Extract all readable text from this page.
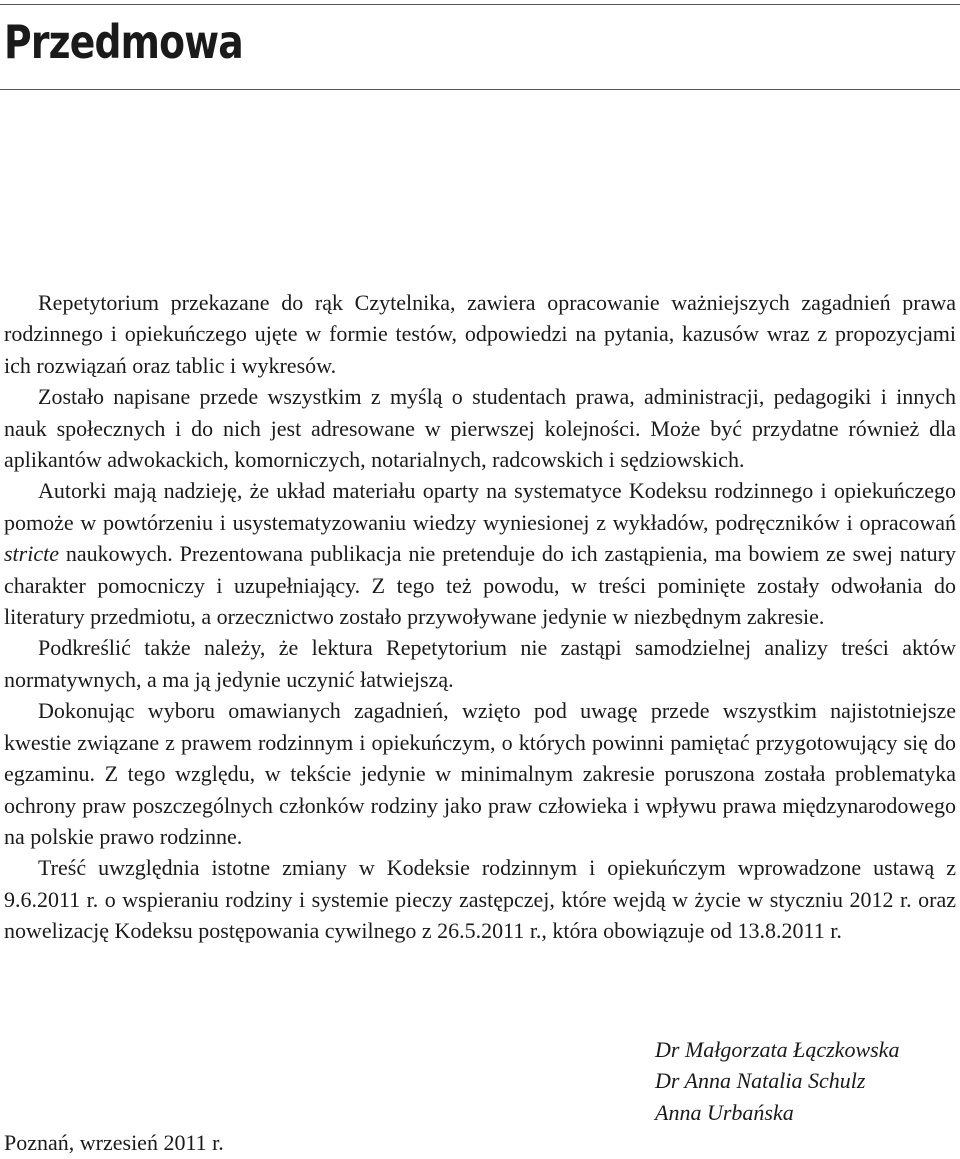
Przedmowa

Repetytorium przekazane do rąk Czytelnika, zawiera opracowanie ważniejszych zagadnień prawa rodzinnego i opiekuńczego ujęte w formie testów, odpowiedzi na pytania, kazusów wraz z propozycjami ich rozwiązań oraz tablic i wykresów.

Zostało napisane przede wszystkim z myślą o studentach prawa, administracji, pedagogiki i innych nauk społecznych i do nich jest adresowane w pierwszej kolejności. Może być przydatne również dla aplikantów adwokackich, komorniczych, notarialnych, radcowskich i sędziowskich.

Autorki mają nadzieję, że układ materiału oparty na systematyce Kodeksu rodzinnego i opiekuńczego pomoże w powtórzeniu i usystematyzowaniu wiedzy wyniesionej z wykładów, podręczników i opracowań stricte naukowych. Prezentowana publikacja nie pretenduje do ich zastąpienia, ma bowiem ze swej natury charakter pomocniczy i uzupełniający. Z tego też powodu, w treści pominięte zostały odwołania do literatury przedmiotu, a orzecznictwo zostało przywoływane jedynie w niezbędnym zakresie.

Podkreślić także należy, że lektura Repetytorium nie zastąpi samodzielnej analizy treści aktów normatywnych, a ma ją jedynie uczynić łatwiejszą.

Dokonując wyboru omawianych zagadnień, wzięto pod uwagę przede wszystkim najistotniejsze kwestie związane z prawem rodzinnym i opiekuńczym, o których powinni pamiętać przygotowujący się do egzaminu. Z tego względu, w tekście jedynie w minimalnym zakresie poruszona została problematyka ochrony praw poszczególnych członków rodziny jako praw człowieka i wpływu prawa międzynarodowego na polskie prawo rodzinne.

Treść uwzględnia istotne zmiany w Kodeksie rodzinnym i opiekuńczym wprowadzone ustawą z 9.6.2011 r. o wspieraniu rodziny i systemie pieczy zastępczej, które wejdą w życie w styczniu 2012 r. oraz nowelizację Kodeksu postępowania cywilnego z 26.5.2011 r., która obowiązuje od 13.8.2011 r.

Dr Małgorzata Łączkowska
Dr Anna Natalia Schulz
Anna Urbańska
Poznań, wrzesień 2011 r.
